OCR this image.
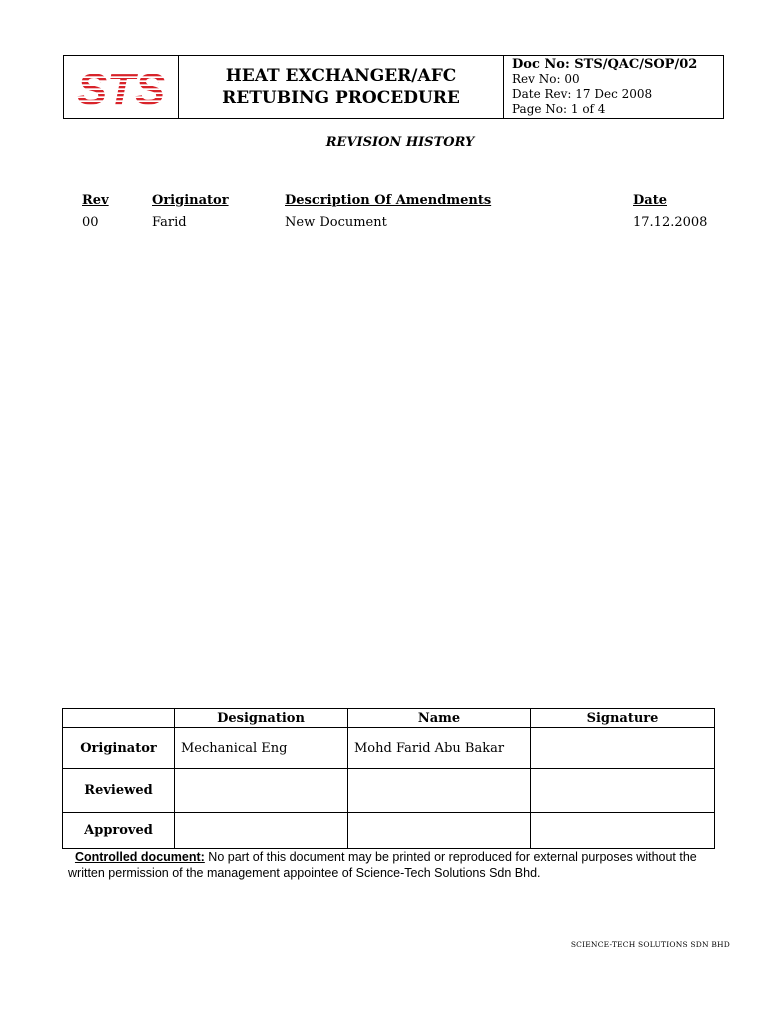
STS	HEAT EXCHANGER/AFC
RETUBING PROCEDURE
Doc No: STS/QAC/SOP/02
Rev No: 00
Date Rev: 17 Dec 2008
Page No: 1 of 4
REVISION HISTORY
Rev	Originator	Description Of Amendments	Date
00	Farid	New Document	17.12.2008
	Designation	Name	Signature
Originator	Mechanical Eng	Mohd Farid Abu Bakar	
Reviewed			
Approved			
Controlled document: No part of this document may be printed or reproduced for external purposes without the written permission of the management appointee of Science-Tech Solutions Sdn Bhd.
SCIENCE-TECH SOLUTIONS SDN BHD
